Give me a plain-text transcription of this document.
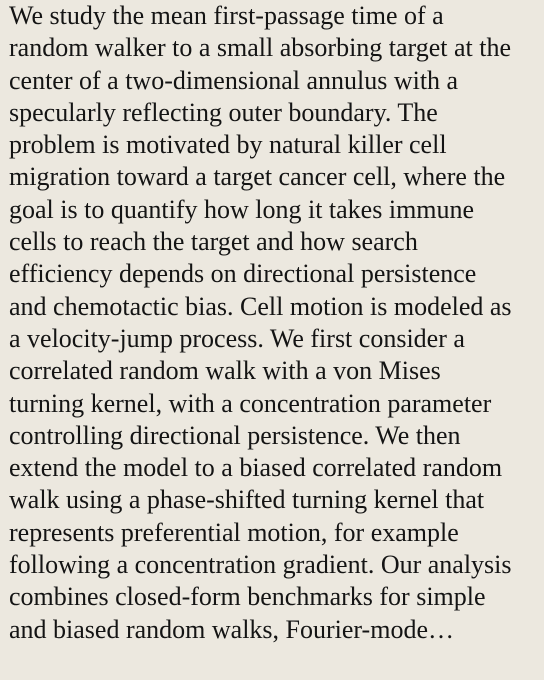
We study the mean first-passage time of a
random walker to a small absorbing target at the
center of a two-dimensional annulus with a
specularly reflecting outer boundary. The
problem is motivated by natural killer cell
migration toward a target cancer cell, where the
goal is to quantify how long it takes immune
cells to reach the target and how search
efficiency depends on directional persistence
and chemotactic bias. Cell motion is modeled as
a velocity-jump process. We first consider a
correlated random walk with a von Mises
turning kernel, with a concentration parameter
controlling directional persistence. We then
extend the model to a biased correlated random
walk using a phase-shifted turning kernel that
represents preferential motion, for example
following a concentration gradient. Our analysis
combines closed-form benchmarks for simple
and biased random walks, Fourier-mode…
